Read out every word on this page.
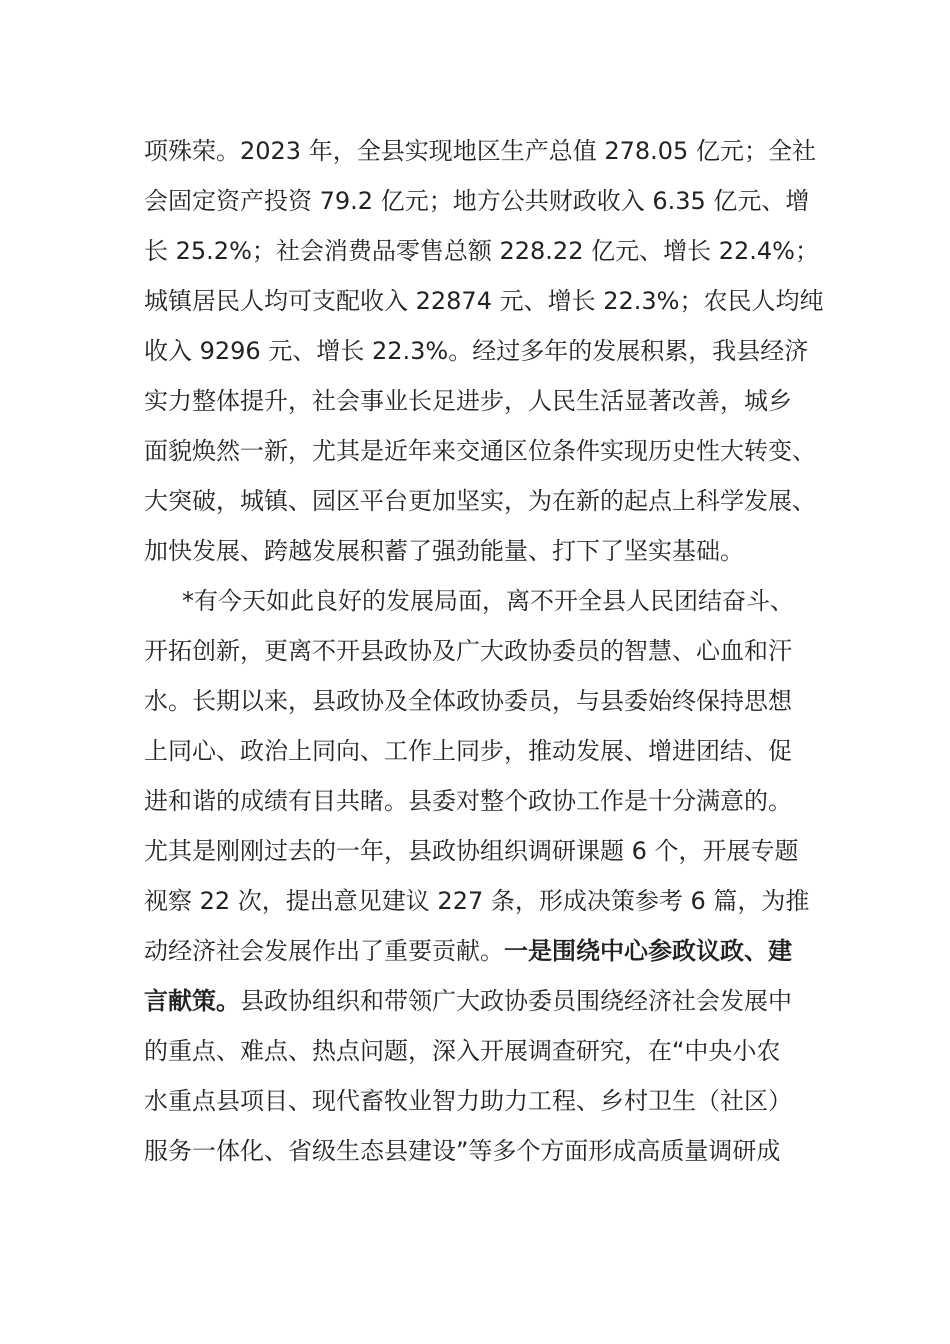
项殊荣。2023 年，全县实现地区生产总值 278.05 亿元；全社
会固定资产投资 79.2 亿元；地方公共财政收入 6.35 亿元、增
长 25.2%；社会消费品零售总额 228.22 亿元、增长 22.4%；
城镇居民人均可支配收入 22874 元、增长 22.3%；农民人均纯
收入 9296 元、增长 22.3%。经过多年的发展积累，我县经济
实力整体提升，社会事业长足进步，人民生活显著改善，城乡
面貌焕然一新，尤其是近年来交通区位条件实现历史性大转变、
大突破，城镇、园区平台更加坚实，为在新的起点上科学发展、
加快发展、跨越发展积蓄了强劲能量、打下了坚实基础。

*有今天如此良好的发展局面，离不开全县人民团结奋斗、
开拓创新，更离不开县政协及广大政协委员的智慧、心血和汗
水。长期以来，县政协及全体政协委员，与县委始终保持思想
上同心、政治上同向、工作上同步，推动发展、增进团结、促
进和谐的成绩有目共睹。县委对整个政协工作是十分满意的。
尤其是刚刚过去的一年，县政协组织调研课题 6 个，开展专题
视察 22 次，提出意见建议 227 条，形成决策参考 6 篇，为推
动经济社会发展作出了重要贡献。一是围绕中心参政议政、建
言献策。县政协组织和带领广大政协委员围绕经济社会发展中
的重点、难点、热点问题，深入开展调查研究，在“中央小农
水重点县项目、现代畜牧业智力助力工程、乡村卫生（社区）
服务一体化、省级生态县建设”等多个方面形成高质量调研成
